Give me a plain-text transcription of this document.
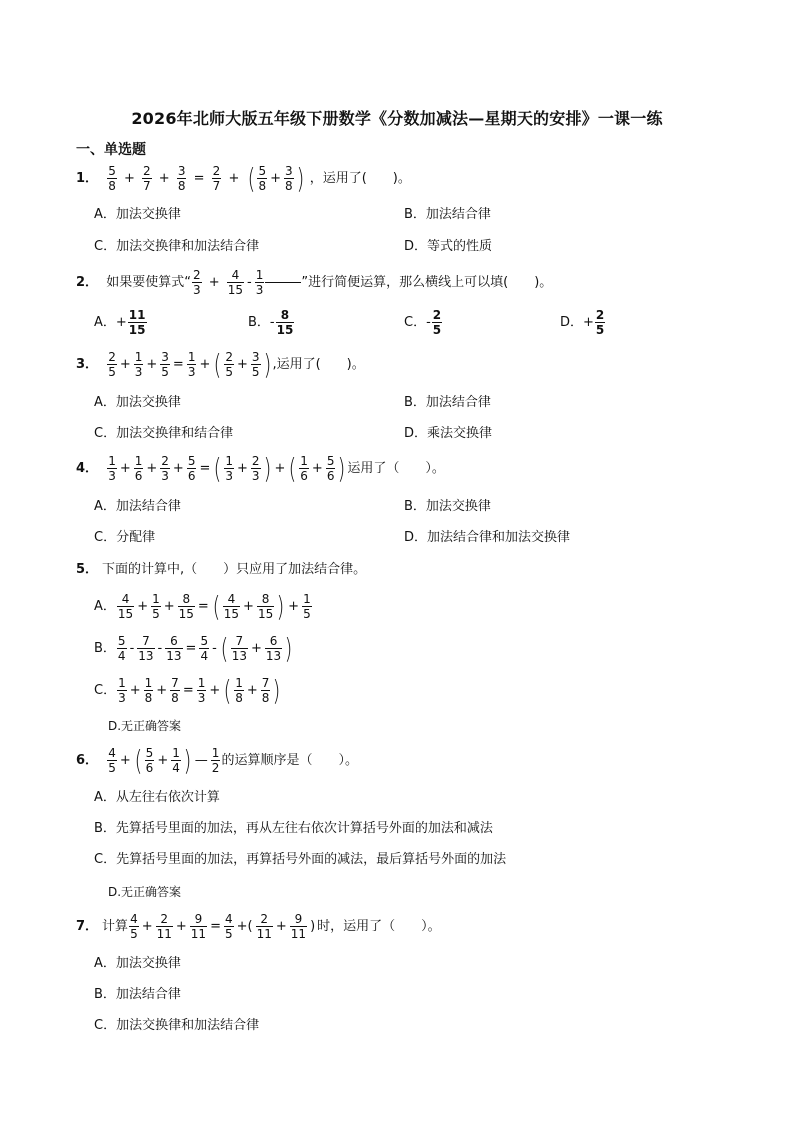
2026年北师大版五年级下册数学《分数加减法—星期天的安排》一课一练
一、单选题
1． $\frac{5}{8} + \frac{2}{7} + \frac{3}{8} = \frac{2}{7}$ + ( $\frac{5}{8} + \frac{3}{8}$ ) ，运用了(　　)。
A．加法交换律	B．加法结合律
C．加法交换律和加法结合律	D．等式的性质
2． 如果要使算式“ $\frac{2}{3} + \frac{4}{15} - \frac{1}{3}$	”进行简便运算，那么横线上可以填(　　)。
A．+ $\frac{11}{15}$	B．- $\frac{8}{15}$	C．- $\frac{2}{5}$	D．+ $\frac{2}{5}$
3． $\frac{2}{5} + \frac{1}{3} + \frac{3}{5} = \frac{1}{3}$ + ( $\frac{2}{5} + \frac{3}{5}$ ) ,运用了(　　)。
A．加法交换律	B．加法结合律
C．加法交换律和结合律	D．乘法交换律
4． $\frac{1}{3} + \frac{1}{6} + \frac{2}{3} + \frac{5}{6}$ = ( $\frac{1}{3} + \frac{2}{3}$ ) + ( $\frac{1}{6} + \frac{5}{6}$ ) 运用了（　　）。
A．加法结合律	B．加法交换律
C．分配律	D．加法结合律和加法交换律
5． 下面的计算中,（　　）只应用了加法结合律。
A． $\frac{4}{15} + \frac{1}{5} + \frac{8}{15}$ = ( $\frac{4}{15} + \frac{8}{15}$ ) + $\frac{1}{5}$
B． $\frac{5}{4} - \frac{7}{13} - \frac{6}{13} = \frac{5}{4}$ - ( $\frac{7}{13} + \frac{6}{13}$ )
C． $\frac{1}{3} + \frac{1}{8} + \frac{7}{8} = \frac{1}{3}$ + ( $\frac{1}{8} + \frac{7}{8}$ )
D.无正确答案
6． $\frac{4}{5}$ + ( $\frac{5}{6} + \frac{1}{4}$ ) — $\frac{1}{2}$ 的运算顺序是（　　）。
A．从左往右依次计算
B．先算括号里面的加法，再从左往右依次计算括号外面的加法和减法
C．先算括号里面的加法，再算括号外面的减法，最后算括号外面的加法
D.无正确答案
7． 计算 $\frac{4}{5} + \frac{2}{11} + \frac{9}{11} = \frac{4}{5}$ +( $\frac{2}{11} + \frac{9}{11}$ ) 时，运用了（　　）。
A．加法交换律
B．加法结合律
C．加法交换律和加法结合律
